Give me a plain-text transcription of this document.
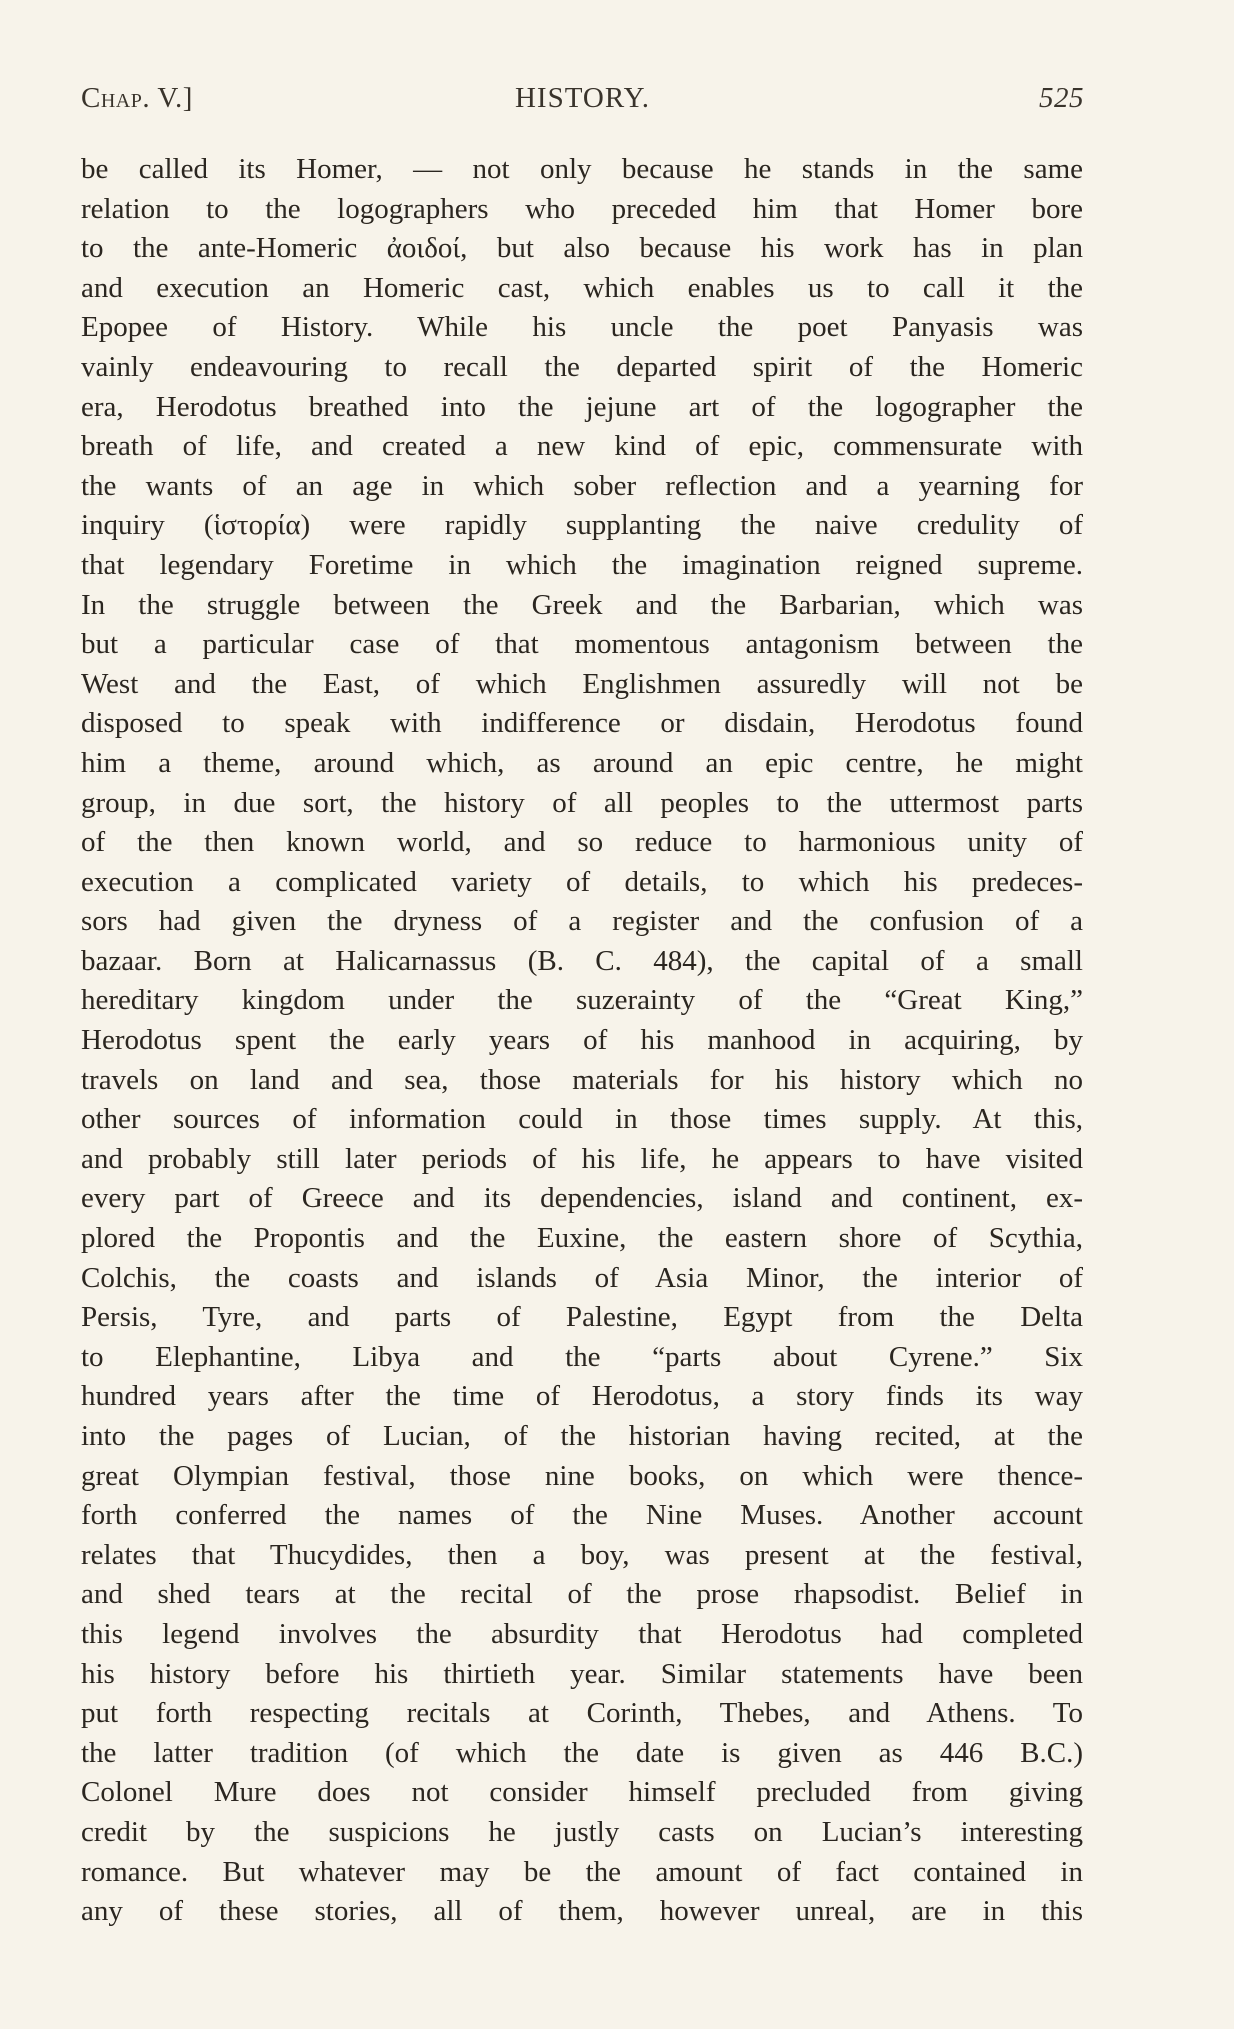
Chap. V.]	HISTORY.	525
be called its Homer, — not only because he stands in the same
relation to the logographers who preceded him that Homer bore
to the ante-Homeric ἀοιδοί, but also because his work has in plan
and execution an Homeric cast, which enables us to call it the
Epopee of History. While his uncle the poet Panyasis was
vainly endeavouring to recall the departed spirit of the Homeric
era, Herodotus breathed into the jejune art of the logographer the
breath of life, and created a new kind of epic, commensurate with
the wants of an age in which sober reflection and a yearning for
inquiry (ἱστορία) were rapidly supplanting the naive credulity of
that legendary Foretime in which the imagination reigned supreme.
In the struggle between the Greek and the Barbarian, which was
but a particular case of that momentous antagonism between the
West and the East, of which Englishmen assuredly will not be
disposed to speak with indifference or disdain, Herodotus found
him a theme, around which, as around an epic centre, he might
group, in due sort, the history of all peoples to the uttermost parts
of the then known world, and so reduce to harmonious unity of
execution a complicated variety of details, to which his predeces-
sors had given the dryness of a register and the confusion of a
bazaar. Born at Halicarnassus (B. C. 484), the capital of a small
hereditary kingdom under the suzerainty of the “Great King,”
Herodotus spent the early years of his manhood in acquiring, by
travels on land and sea, those materials for his history which no
other sources of information could in those times supply. At this,
and probably still later periods of his life, he appears to have visited
every part of Greece and its dependencies, island and continent, ex-
plored the Propontis and the Euxine, the eastern shore of Scythia,
Colchis, the coasts and islands of Asia Minor, the interior of
Persis, Tyre, and parts of Palestine, Egypt from the Delta
to Elephantine, Libya and the “parts about Cyrene.” Six
hundred years after the time of Herodotus, a story finds its way
into the pages of Lucian, of the historian having recited, at the
great Olympian festival, those nine books, on which were thence-
forth conferred the names of the Nine Muses. Another account
relates that Thucydides, then a boy, was present at the festival,
and shed tears at the recital of the prose rhapsodist. Belief in
this legend involves the absurdity that Herodotus had completed
his history before his thirtieth year. Similar statements have been
put forth respecting recitals at Corinth, Thebes, and Athens. To
the latter tradition (of which the date is given as 446 B.C.)
Colonel Mure does not consider himself precluded from giving
credit by the suspicions he justly casts on Lucian’s interesting
romance. But whatever may be the amount of fact contained in
any of these stories, all of them, however unreal, are in this
